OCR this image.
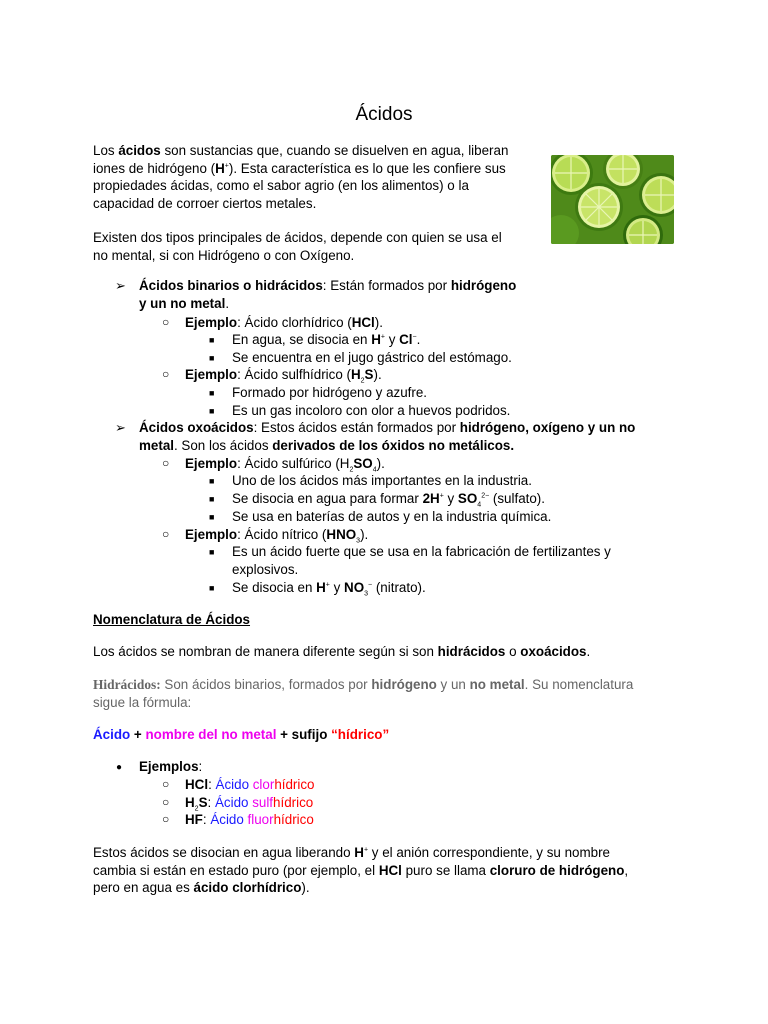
Ácidos
Los ácidos son sustancias que, cuando se disuelven en agua, liberan
iones de hidrógeno (H+). Esta característica es lo que les confiere sus
propiedades ácidas, como el sabor agrio (en los alimentos) o la
capacidad de corroer ciertos metales.
Existen dos tipos principales de ácidos, depende con quien se usa el
no mental, si con Hidrógeno o con Oxígeno.
➢ Ácidos binarios o hidrácidos: Están formados por hidrógeno
y un no metal.
○ Ejemplo: Ácido clorhídrico (HCl).
■ En agua, se disocia en H+ y Cl−.
■ Se encuentra en el jugo gástrico del estómago.
○ Ejemplo: Ácido sulfhídrico $(H_2S)$.
■ Formado por hidrógeno y azufre.
■ Es un gas incoloro con olor a huevos podridos.
➢ Ácidos oxoácidos: Estos ácidos están formados por hidrógeno, oxígeno y un no
metal. Son los ácidos derivados de los óxidos no metálicos.
○ Ejemplo: Ácido sulfúrico $(H_2SO_4)$.
■ Uno de los ácidos más importantes en la industria.
■ Se disocia en agua para formar 2H+ y $SO_4^{2-}$ (sulfato).
■ Se usa en baterías de autos y en la industria química.
○ Ejemplo: Ácido nítrico $(HNO_3)$.
■ Es un ácido fuerte que se usa en la fabricación de fertilizantes y
explosivos.
■ Se disocia en H+ y $NO_3^-$ (nitrato).
Nomenclatura de Ácidos
Los ácidos se nombran de manera diferente según si son hidrácidos o oxoácidos.
Hidrácidos: Son ácidos binarios, formados por hidrógeno y un no metal. Su nomenclatura
sigue la fórmula:
Ácido + nombre del no metal + sufijo “hídrico”
● Ejemplos:
○ HCl: Ácido clorhídrico
○ $H_2S$: Ácido sulfhídrico
○ HF: Ácido fluorhídrico
Estos ácidos se disocian en agua liberando H+ y el anión correspondiente, y su nombre
cambia si están en estado puro (por ejemplo, el HCl puro se llama cloruro de hidrógeno,
pero en agua es ácido clorhídrico).
